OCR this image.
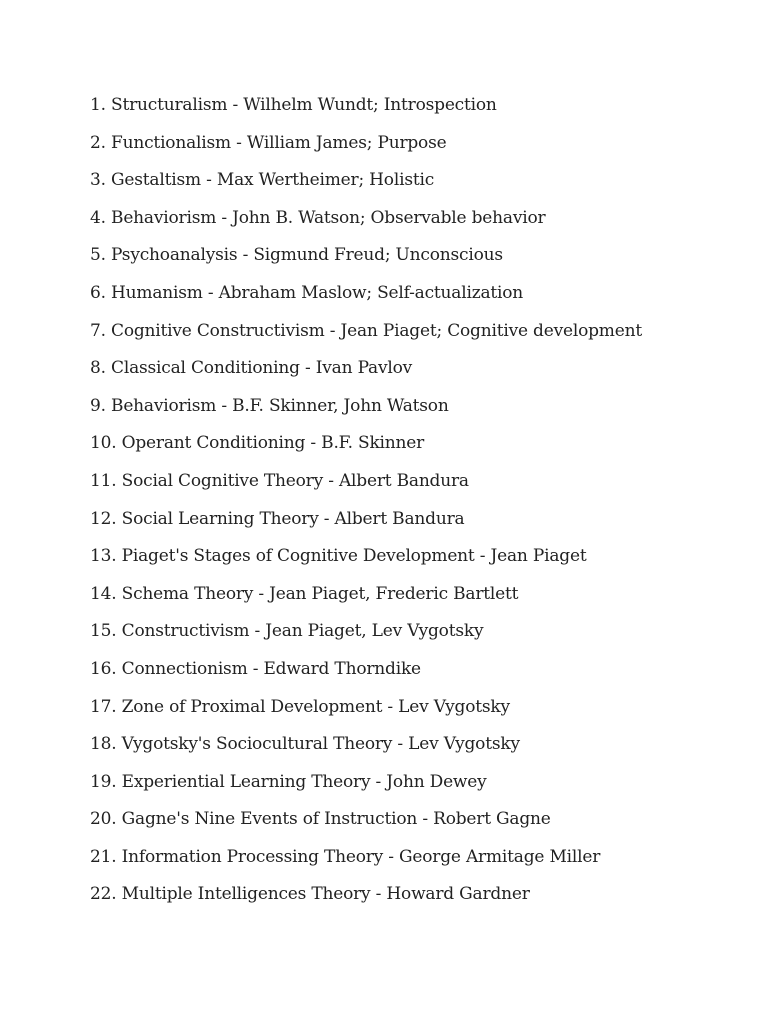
1. Structuralism - Wilhelm Wundt; Introspection
2. Functionalism - William James; Purpose
3. Gestaltism - Max Wertheimer; Holistic
4. Behaviorism - John B. Watson; Observable behavior
5. Psychoanalysis - Sigmund Freud; Unconscious
6. Humanism - Abraham Maslow; Self-actualization
7. Cognitive Constructivism - Jean Piaget; Cognitive development
8. Classical Conditioning - Ivan Pavlov
9. Behaviorism - B.F. Skinner, John Watson
10. Operant Conditioning - B.F. Skinner
11. Social Cognitive Theory - Albert Bandura
12. Social Learning Theory - Albert Bandura
13. Piaget's Stages of Cognitive Development - Jean Piaget
14. Schema Theory - Jean Piaget, Frederic Bartlett
15. Constructivism - Jean Piaget, Lev Vygotsky
16. Connectionism - Edward Thorndike
17. Zone of Proximal Development - Lev Vygotsky
18. Vygotsky's Sociocultural Theory - Lev Vygotsky
19. Experiential Learning Theory - John Dewey
20. Gagne's Nine Events of Instruction - Robert Gagne
21. Information Processing Theory - George Armitage Miller
22. Multiple Intelligences Theory - Howard Gardner
